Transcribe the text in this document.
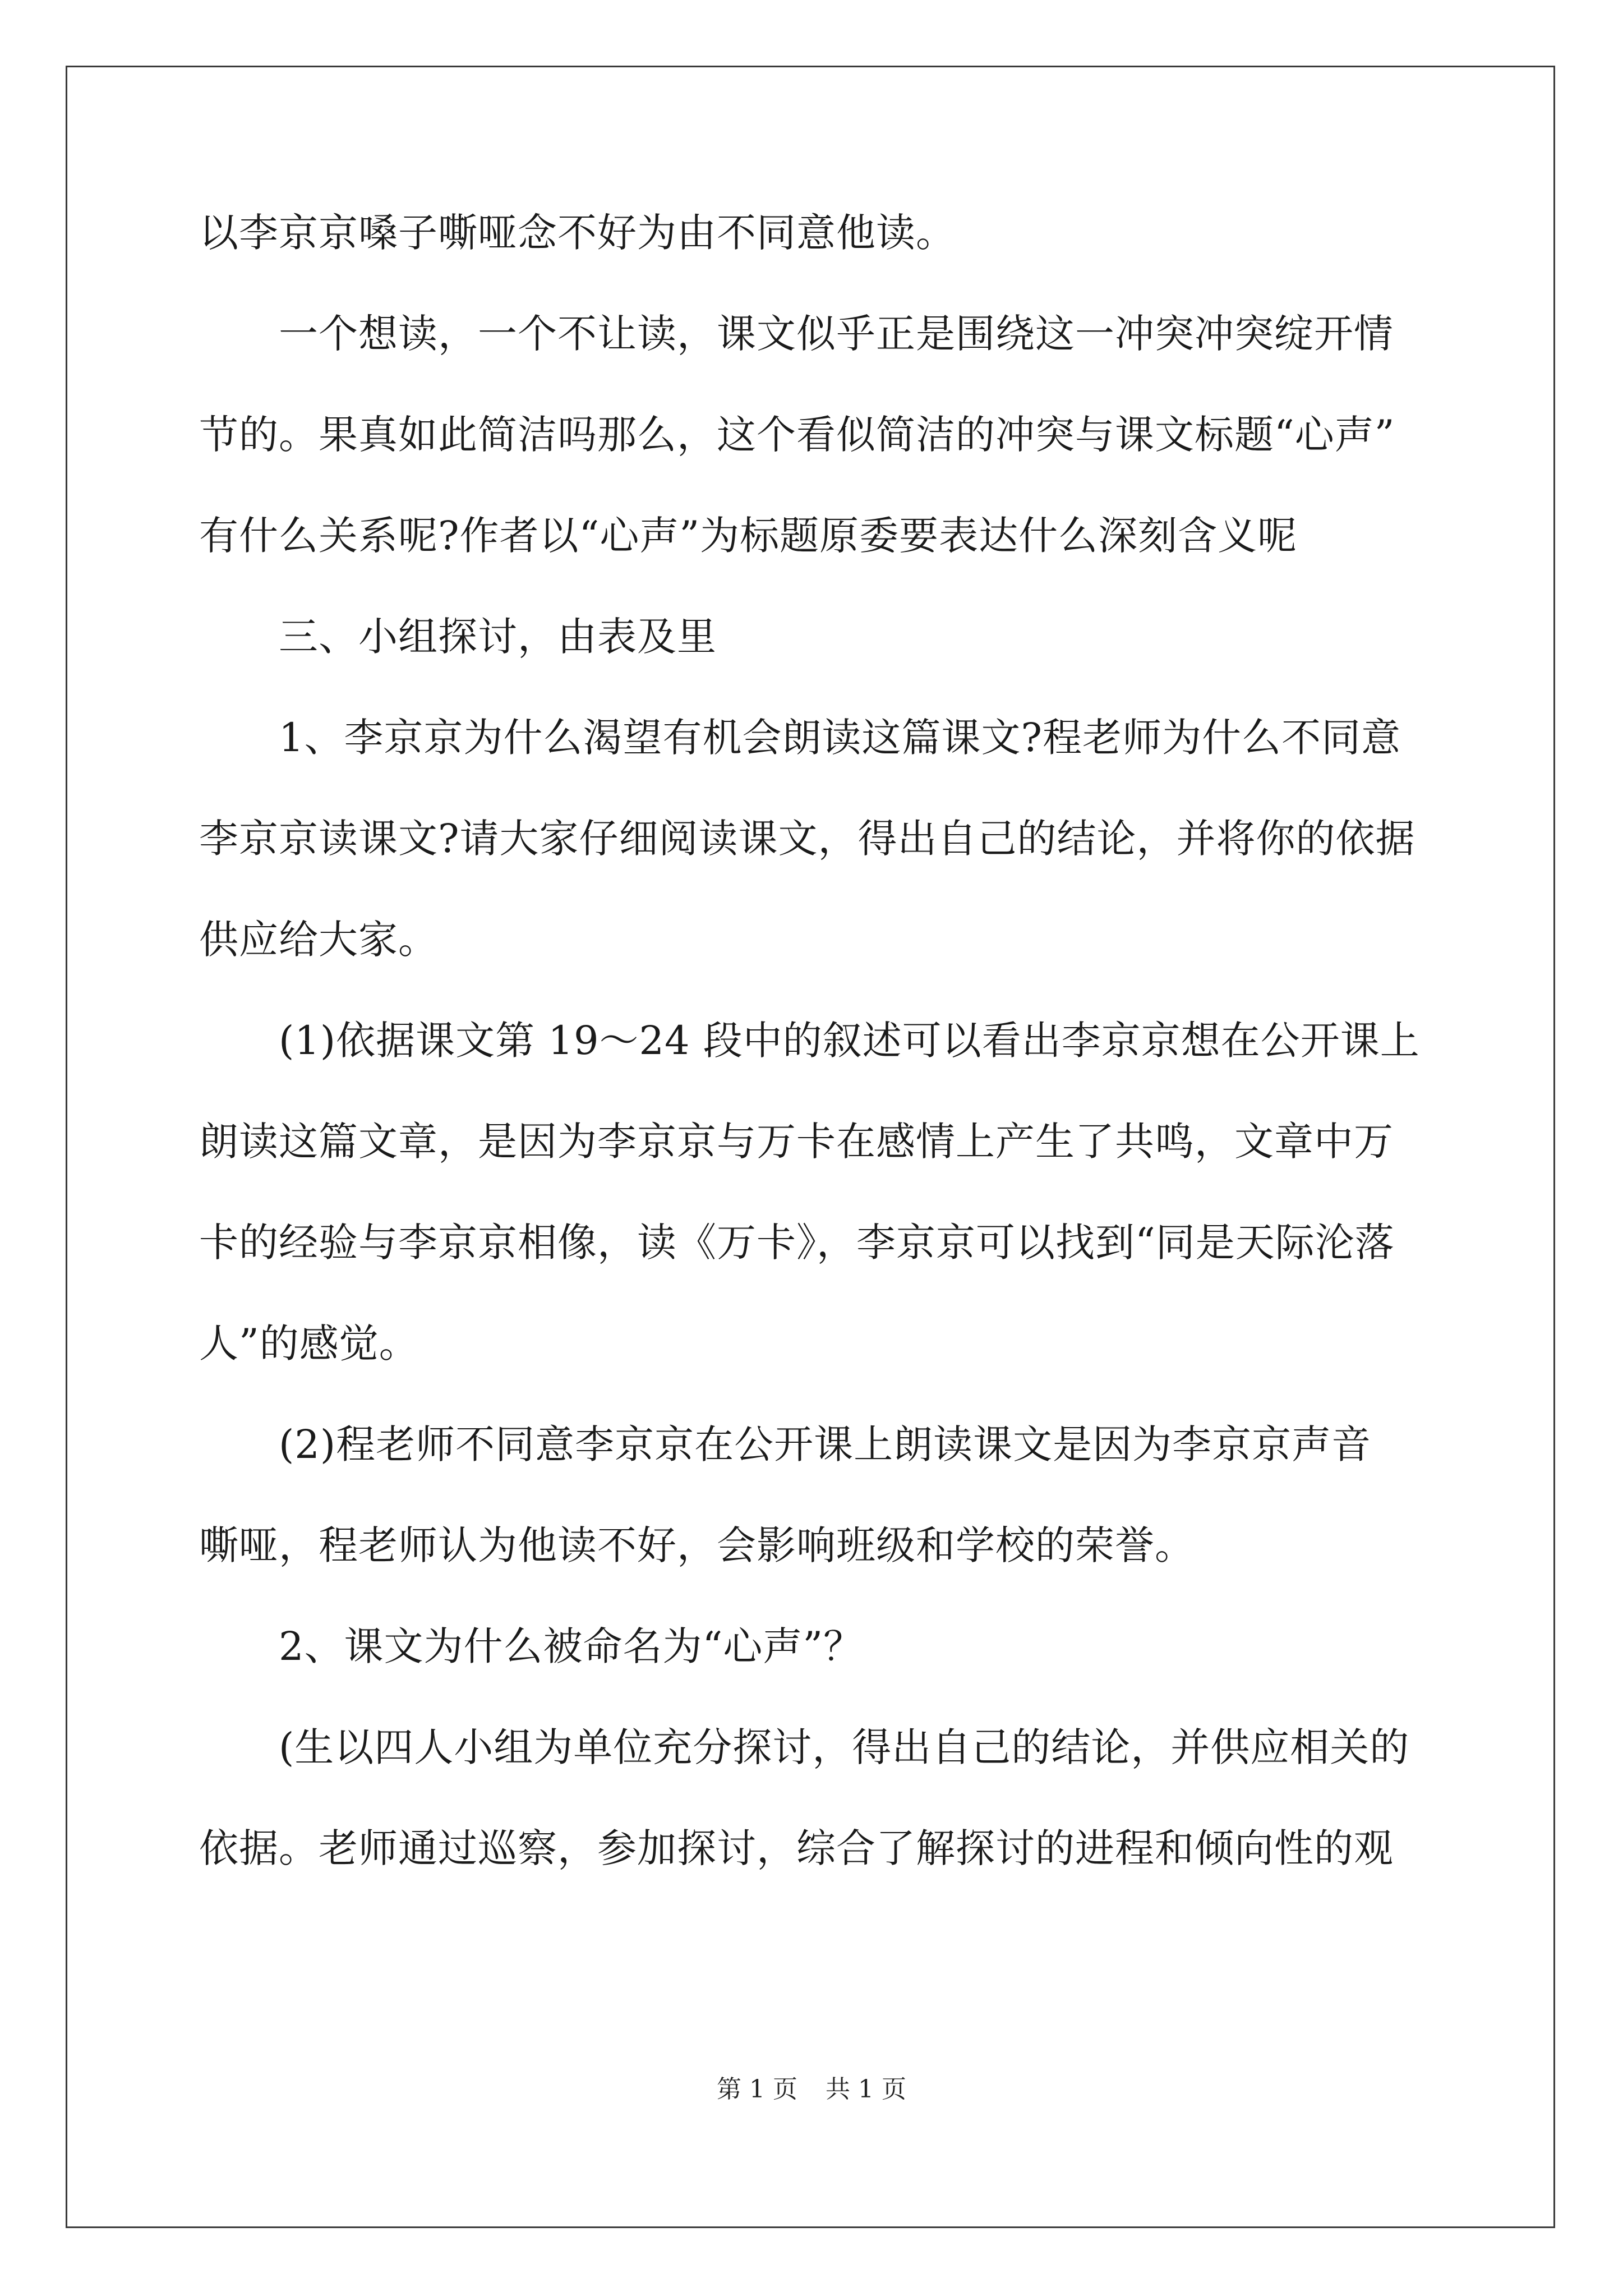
以李京京嗓子嘶哑念不好为由不同意他读。
　　一个想读，一个不让读，课文似乎正是围绕这一冲突冲突绽开情
节的。果真如此简洁吗那么，这个看似简洁的冲突与课文标题“心声”
有什么关系呢?作者以“心声”为标题原委要表达什么深刻含义呢
　　三、小组探讨，由表及里
　　1、李京京为什么渴望有机会朗读这篇课文?程老师为什么不同意
李京京读课文?请大家仔细阅读课文，得出自己的结论，并将你的依据
供应给大家。
　　(1)依据课文第 19～24 段中的叙述可以看出李京京想在公开课上
朗读这篇文章，是因为李京京与万卡在感情上产生了共鸣，文章中万
卡的经验与李京京相像，读《万卡》，李京京可以找到“同是天际沦落
人”的感觉。
　　(2)程老师不同意李京京在公开课上朗读课文是因为李京京声音
嘶哑，程老师认为他读不好，会影响班级和学校的荣誉。
　　2、课文为什么被命名为“心声”？
　　(生以四人小组为单位充分探讨，得出自己的结论，并供应相关的
依据。老师通过巡察，参加探讨，综合了解探讨的进程和倾向性的观
第 1 页 共 1 页
